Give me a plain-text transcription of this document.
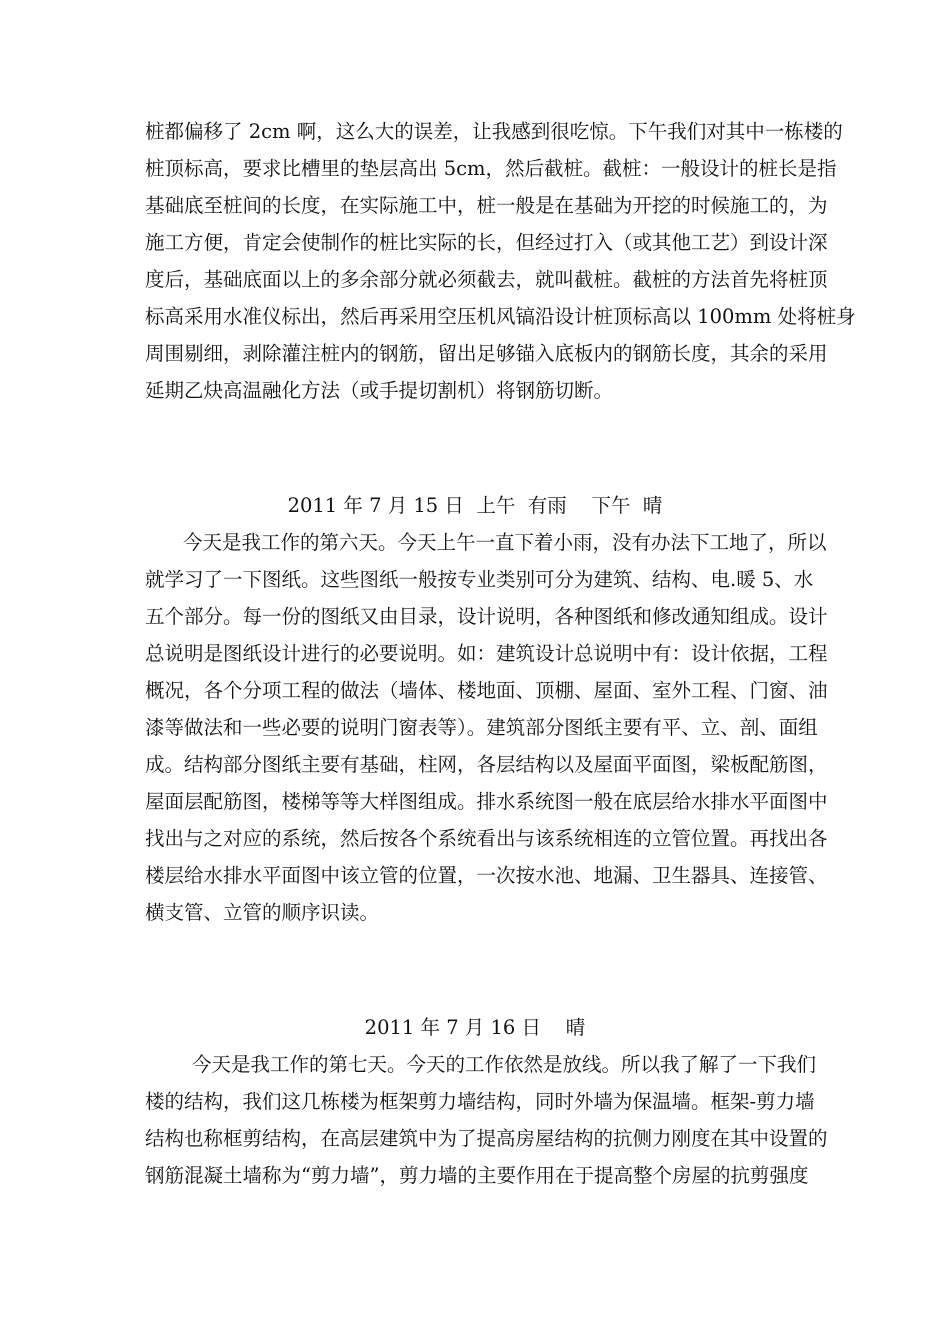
桩都偏移了 2cm 啊，这么大的误差，让我感到很吃惊。下午我们对其中一栋楼的
桩顶标高，要求比槽里的垫层高出 5cm，然后截桩。截桩：一般设计的桩长是指
基础底至桩间的长度，在实际施工中，桩一般是在基础为开挖的时候施工的，为
施工方便，肯定会使制作的桩比实际的长，但经过打入（或其他工艺）到设计深
度后，基础底面以上的多余部分就必须截去，就叫截桩。截桩的方法首先将桩顶
标高采用水准仪标出，然后再采用空压机风镐沿设计桩顶标高以 100mm 处将桩身
周围剔细，剥除灌注桩内的钢筋，留出足够锚入底板内的钢筋长度，其余的采用
延期乙炔高温融化方法（或手提切割机）将钢筋切断。
2011 年 7 月 15 日  上午  有雨    下午  晴
今天是我工作的第六天。今天上午一直下着小雨，没有办法下工地了，所以
就学习了一下图纸。这些图纸一般按专业类别可分为建筑、结构、电.暖 5、水
五个部分。每一份的图纸又由目录，设计说明，各种图纸和修改通知组成。设计
总说明是图纸设计进行的必要说明。如：建筑设计总说明中有：设计依据，工程
概况，各个分项工程的做法（墙体、楼地面、顶棚、屋面、室外工程、门窗、油
漆等做法和一些必要的说明门窗表等）。建筑部分图纸主要有平、立、剖、面组
成。结构部分图纸主要有基础，柱网，各层结构以及屋面平面图，梁板配筋图，
屋面层配筋图，楼梯等等大样图组成。排水系统图一般在底层给水排水平面图中
找出与之对应的系统，然后按各个系统看出与该系统相连的立管位置。再找出各
楼层给水排水平面图中该立管的位置，一次按水池、地漏、卫生器具、连接管、
横支管、立管的顺序识读。
2011 年 7 月 16 日    晴
今天是我工作的第七天。今天的工作依然是放线。所以我了解了一下我们
楼的结构，我们这几栋楼为框架剪力墙结构，同时外墙为保温墙。框架-剪力墙
结构也称框剪结构，在高层建筑中为了提高房屋结构的抗侧力刚度在其中设置的
钢筋混凝土墙称为“剪力墙”，剪力墙的主要作用在于提高整个房屋的抗剪强度
